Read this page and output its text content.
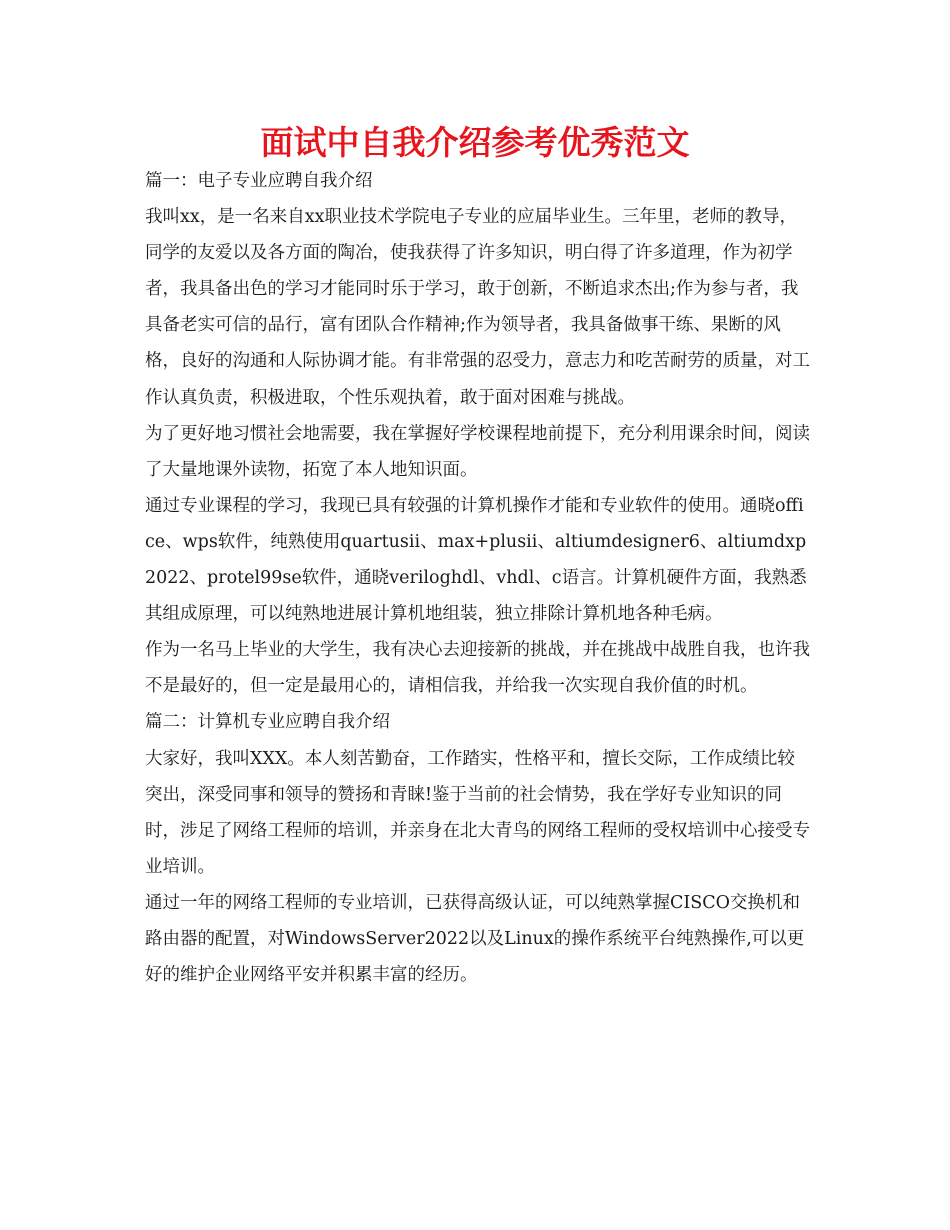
面试中自我介绍参考优秀范文

篇一：电子专业应聘自我介绍

我叫xx，是一名来自xx职业技术学院电子专业的应届毕业生。三年里，老师的教导，同学的友爱以及各方面的陶冶，使我获得了许多知识，明白得了许多道理，作为初学者，我具备出色的学习才能同时乐于学习，敢于创新，不断追求杰出;作为参与者，我具备老实可信的品行，富有团队合作精神;作为领导者，我具备做事干练、果断的风格，良好的沟通和人际协调才能。有非常强的忍受力，意志力和吃苦耐劳的质量，对工作认真负责，积极进取，个性乐观执着，敢于面对困难与挑战。

为了更好地习惯社会地需要，我在掌握好学校课程地前提下，充分利用课余时间，阅读了大量地课外读物，拓宽了本人地知识面。

通过专业课程的学习，我现已具有较强的计算机操作才能和专业软件的使用。通晓office、wps软件，纯熟使用quartusii、max+plusii、altiumdesigner6、altiumdxp2022、protel99se软件，通晓veriloghdl、vhdl、c语言。计算机硬件方面，我熟悉其组成原理，可以纯熟地进展计算机地组装，独立排除计算机地各种毛病。

作为一名马上毕业的大学生，我有决心去迎接新的挑战，并在挑战中战胜自我，也许我不是最好的，但一定是最用心的，请相信我，并给我一次实现自我价值的时机。

篇二：计算机专业应聘自我介绍

大家好，我叫XXX。本人刻苦勤奋，工作踏实，性格平和，擅长交际，工作成绩比较突出，深受同事和领导的赞扬和青睐!鉴于当前的社会情势，我在学好专业知识的同时，涉足了网络工程师的培训，并亲身在北大青鸟的网络工程师的受权培训中心接受专业培训。

通过一年的网络工程师的专业培训，已获得高级认证，可以纯熟掌握CISCO交换机和路由器的配置，对WindowsServer2022以及Linux的操作系统平台纯熟操作,可以更好的维护企业网络平安并积累丰富的经历。
